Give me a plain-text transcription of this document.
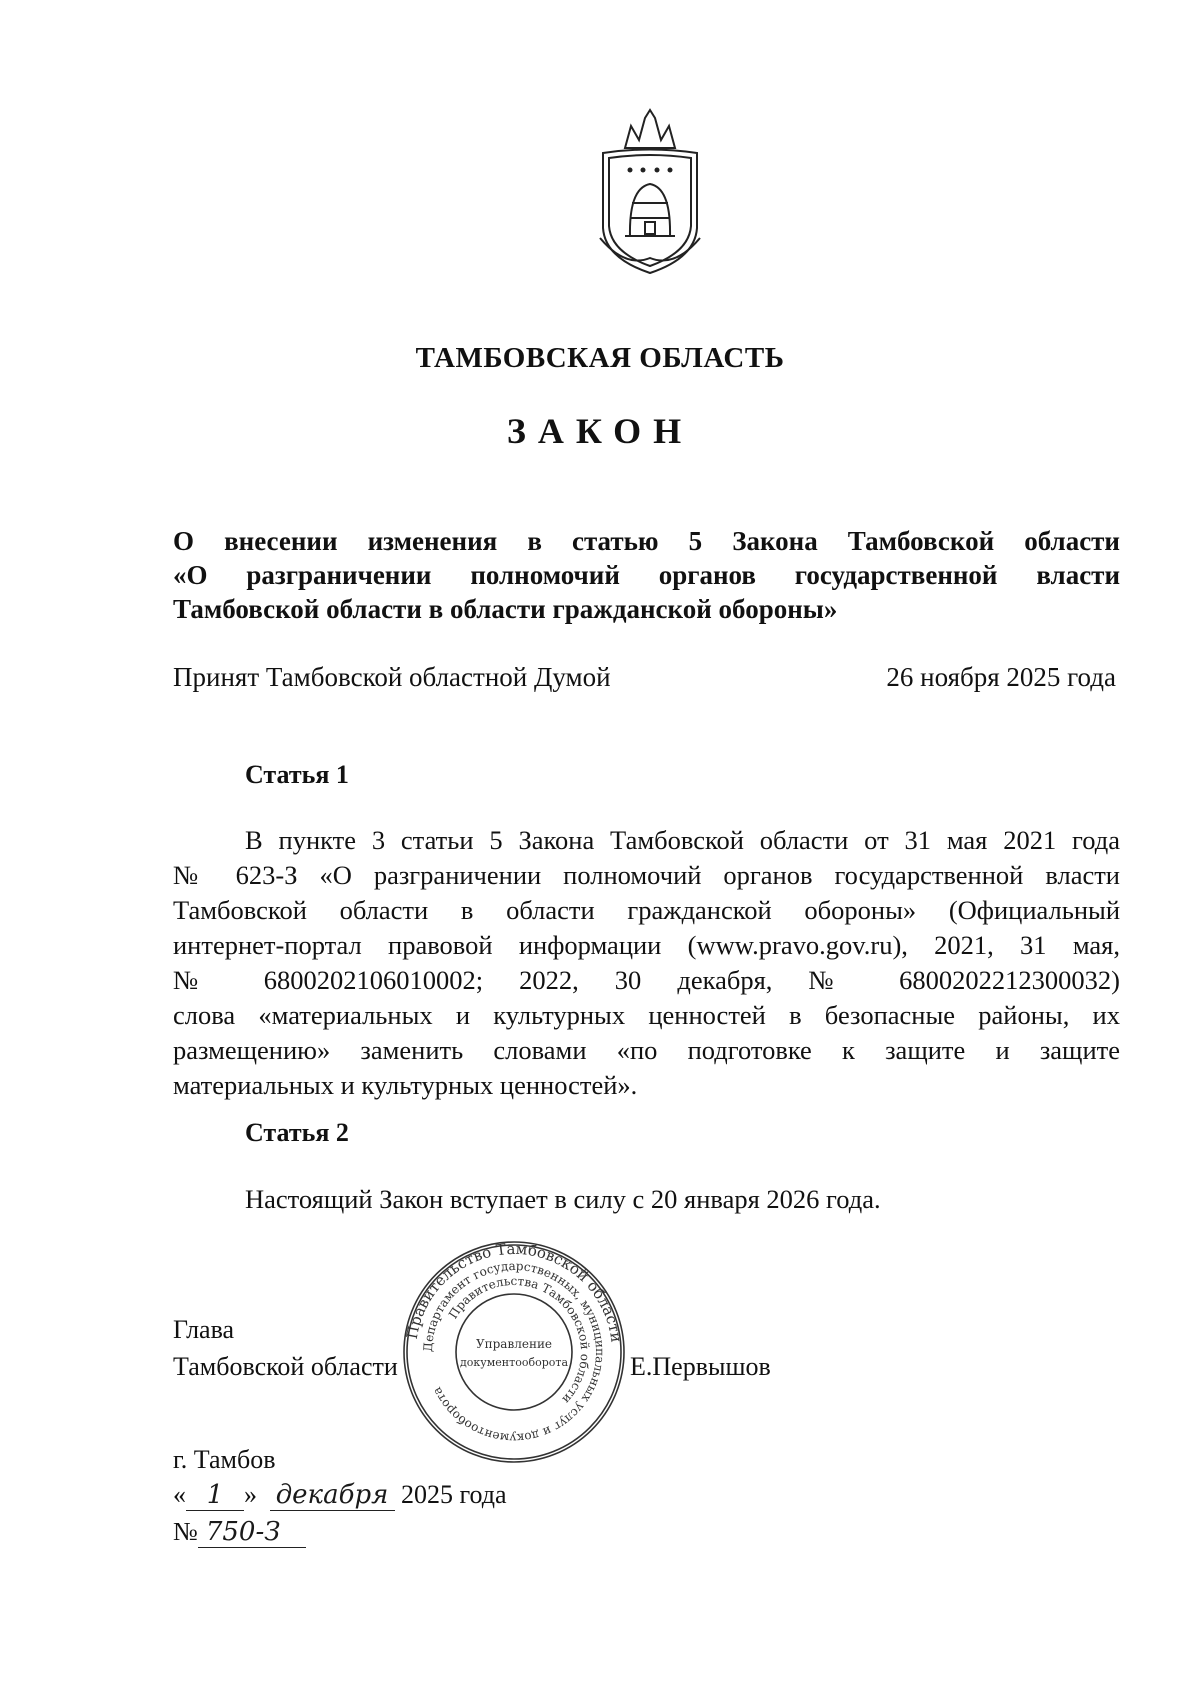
ТАМБОВСКАЯ ОБЛАСТЬ
ЗАКОН
О внесении изменения в статью 5 Закона Тамбовской области
«О разграничении полномочий органов государственной власти
Тамбовской области в области гражданской обороны»
Принят Тамбовской областной Думой	26 ноября 2025 года
Статья 1
В пункте 3 статьи 5 Закона Тамбовской области от 31 мая 2021 года
№ 623-З «О разграничении полномочий органов государственной власти
Тамбовской области в области гражданской обороны» (Официальный
интернет-портал правовой информации (www.pravo.gov.ru), 2021, 31 мая,
№ 6800202106010002; 2022, 30 декабря, № 6800202212300032)
слова «материальных и культурных ценностей в безопасные районы, их
размещению» заменить словами «по подготовке к защите и защите
материальных и культурных ценностей».
Статья 2
Настоящий Закон вступает в силу с 20 января 2026 года.
Глава
Тамбовской области	Е.Первышов
Правительство Тамбовской области
Департамент государственных, муниципальных услуг и документооборота
Правительства Тамбовской области
Управление
документооборота
г. Тамбов
« 1 » декабря 2025 года
№ 750-З
